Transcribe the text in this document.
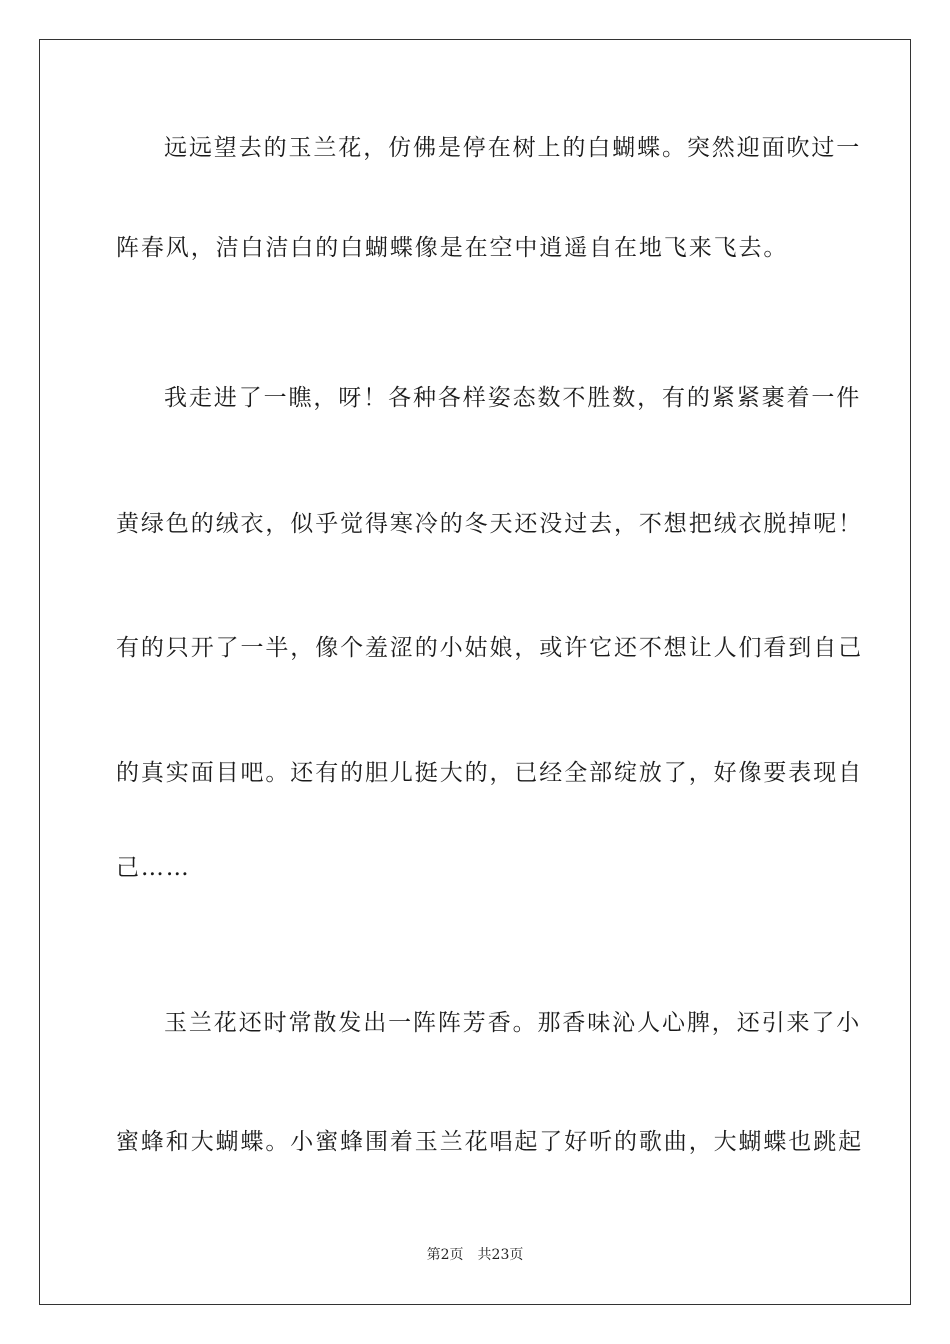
远远望去的玉兰花，仿佛是停在树上的白蝴蝶。突然迎面吹过一
阵春风，洁白洁白的白蝴蝶像是在空中逍遥自在地飞来飞去。
我走进了一瞧，呀！各种各样姿态数不胜数，有的紧紧裹着一件
黄绿色的绒衣，似乎觉得寒冷的冬天还没过去，不想把绒衣脱掉呢！
有的只开了一半，像个羞涩的小姑娘，或许它还不想让人们看到自己
的真实面目吧。还有的胆儿挺大的，已经全部绽放了，好像要表现自
己……
玉兰花还时常散发出一阵阵芳香。那香味沁人心脾，还引来了小
蜜蜂和大蝴蝶。小蜜蜂围着玉兰花唱起了好听的歌曲，大蝴蝶也跳起
第2页 共23页
